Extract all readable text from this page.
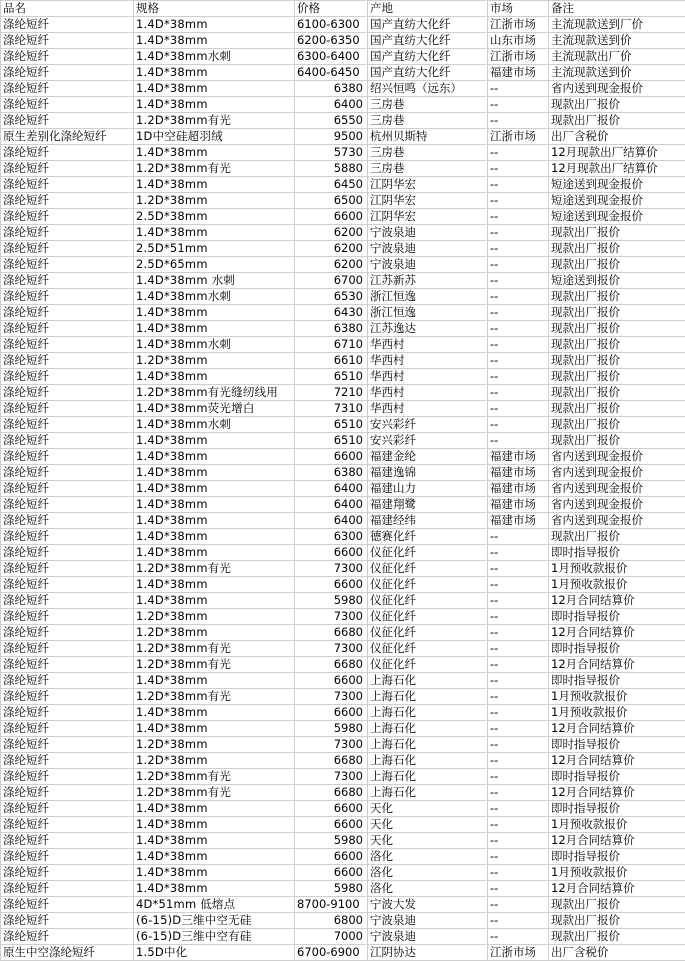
品名	规格	价格	产地	市场	备注
涤纶短纤	1.4D*38mm	6100-6300	国产直纺大化纤	江浙市场	主流现款送到厂价
涤纶短纤	1.4D*38mm	6200-6350	国产直纺大化纤	山东市场	主流现款送到价
涤纶短纤	1.4D*38mm水刺	6300-6400	国产直纺大化纤	江浙市场	主流现款出厂价
涤纶短纤	1.4D*38mm	6400-6450	国产直纺大化纤	福建市场	主流现款送到价
涤纶短纤	1.4D*38mm	6380	绍兴恒鸣（远东）	--	省内送到现金报价
涤纶短纤	1.4D*38mm	6400	三房巷	--	现款出厂报价
涤纶短纤	1.2D*38mm有光	6550	三房巷	--	现款出厂报价
原生差别化涤纶短纤	1D中空硅超羽绒	9500	杭州贝斯特	江浙市场	出厂含税价
涤纶短纤	1.4D*38mm	5730	三房巷	--	12月现款出厂结算价
涤纶短纤	1.2D*38mm有光	5880	三房巷	--	12月现款出厂结算价
涤纶短纤	1.4D*38mm	6450	江阴华宏	--	短途送到现金报价
涤纶短纤	1.2D*38mm	6500	江阴华宏	--	短途送到现金报价
涤纶短纤	2.5D*38mm	6600	江阴华宏	--	短途送到现金报价
涤纶短纤	1.4D*38mm	6200	宁波泉迪	--	现款出厂报价
涤纶短纤	2.5D*51mm	6200	宁波泉迪	--	现款出厂报价
涤纶短纤	2.5D*65mm	6200	宁波泉迪	--	现款出厂报价
涤纶短纤	1.4D*38mm 水刺	6700	江苏新苏	--	短途送到报价
涤纶短纤	1.4D*38mm水刺	6530	浙江恒逸	--	现款出厂报价
涤纶短纤	1.4D*38mm	6430	浙江恒逸	--	现款出厂报价
涤纶短纤	1.4D*38mm	6380	江苏逸达	--	现款出厂报价
涤纶短纤	1.4D*38mm水刺	6710	华西村	--	现款出厂报价
涤纶短纤	1.2D*38mm	6610	华西村	--	现款出厂报价
涤纶短纤	1.4D*38mm	6510	华西村	--	现款出厂报价
涤纶短纤	1.2D*38mm有光缝纫线用	7210	华西村	--	现款出厂报价
涤纶短纤	1.4D*38mm荧光增白	7310	华西村	--	现款出厂报价
涤纶短纤	1.4D*38mm水刺	6510	安兴彩纤	--	现款出厂报价
涤纶短纤	1.4D*38mm	6510	安兴彩纤	--	现款出厂报价
涤纶短纤	1.4D*38mm	6600	福建金纶	福建市场	省内送到现金报价
涤纶短纤	1.4D*38mm	6380	福建逸锦	福建市场	省内送到现金报价
涤纶短纤	1.4D*38mm	6400	福建山力	福建市场	省内送到现金报价
涤纶短纤	1.4D*38mm	6400	福建翔鹭	福建市场	省内送到现金报价
涤纶短纤	1.4D*38mm	6400	福建经纬	福建市场	省内送到现金报价
涤纶短纤	1.4D*38mm	6300	德赛化纤	--	现款出厂报价
涤纶短纤	1.4D*38mm	6600	仪征化纤	--	即时指导报价
涤纶短纤	1.2D*38mm有光	7300	仪征化纤	--	1月预收款报价
涤纶短纤	1.4D*38mm	6600	仪征化纤	--	1月预收款报价
涤纶短纤	1.4D*38mm	5980	仪征化纤	--	12月合同结算价
涤纶短纤	1.2D*38mm	7300	仪征化纤	--	即时指导报价
涤纶短纤	1.2D*38mm	6680	仪征化纤	--	12月合同结算价
涤纶短纤	1.2D*38mm有光	7300	仪征化纤	--	即时指导报价
涤纶短纤	1.2D*38mm有光	6680	仪征化纤	--	12月合同结算价
涤纶短纤	1.4D*38mm	6600	上海石化	--	即时指导报价
涤纶短纤	1.2D*38mm有光	7300	上海石化	--	1月预收款报价
涤纶短纤	1.4D*38mm	6600	上海石化	--	1月预收款报价
涤纶短纤	1.4D*38mm	5980	上海石化	--	12月合同结算价
涤纶短纤	1.2D*38mm	7300	上海石化	--	即时指导报价
涤纶短纤	1.2D*38mm	6680	上海石化	--	12月合同结算价
涤纶短纤	1.2D*38mm有光	7300	上海石化	--	即时指导报价
涤纶短纤	1.2D*38mm有光	6680	上海石化	--	12月合同结算价
涤纶短纤	1.4D*38mm	6600	天化	--	即时指导报价
涤纶短纤	1.4D*38mm	6600	天化	--	1月预收款报价
涤纶短纤	1.4D*38mm	5980	天化	--	12月合同结算价
涤纶短纤	1.4D*38mm	6600	洛化	--	即时指导报价
涤纶短纤	1.4D*38mm	6600	洛化	--	1月预收款报价
涤纶短纤	1.4D*38mm	5980	洛化	--	12月合同结算价
涤纶短纤	4D*51mm 低熔点	8700-9100	宁波大发	--	现款出厂报价
涤纶短纤	(6-15)D三维中空无硅	6800	宁波泉迪	--	现款出厂报价
涤纶短纤	(6-15)D三维中空有硅	7000	宁波泉迪	--	现款出厂报价
原生中空涤纶短纤	1.5D中化	6700-6900	江阴协达	江浙市场	出厂含税价
